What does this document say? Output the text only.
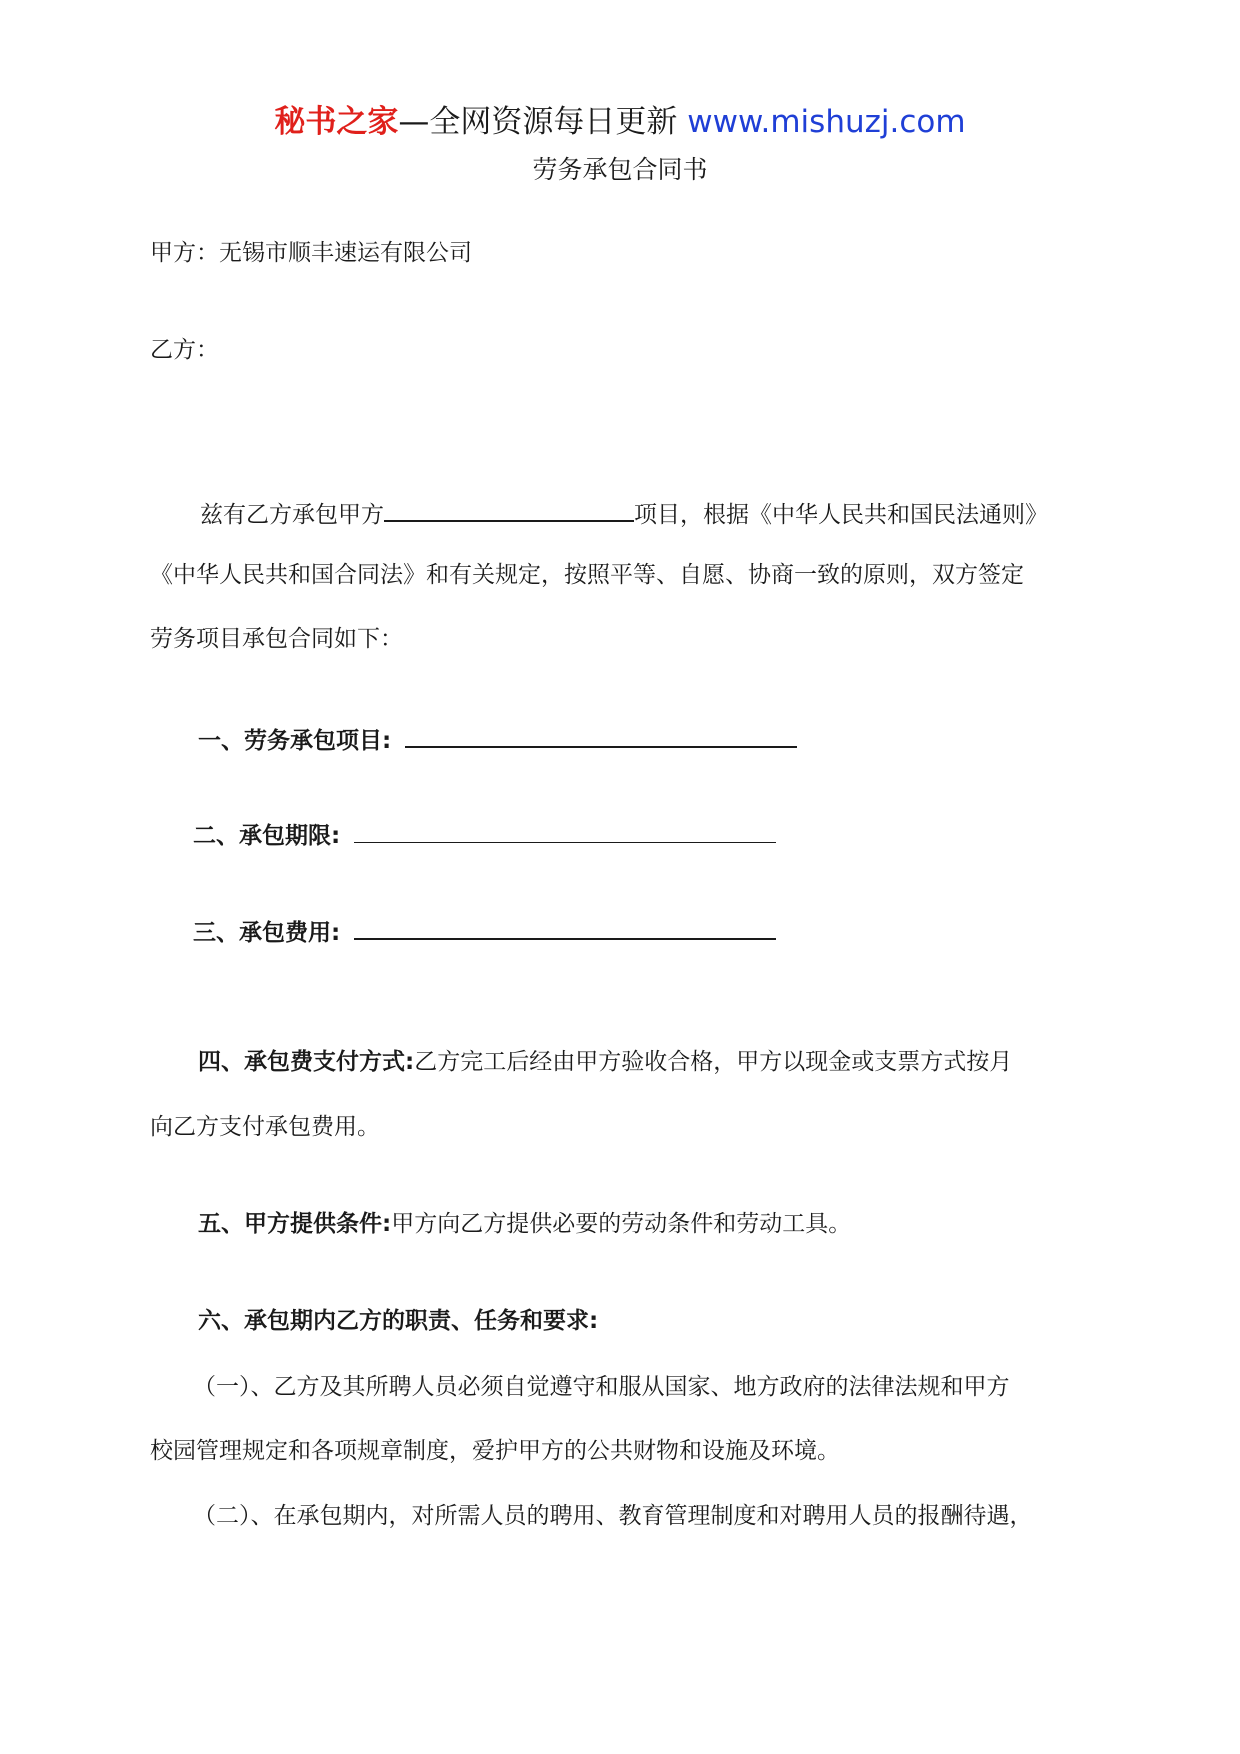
秘书之家—全网资源每日更新 www.mishuzj.com
劳务承包合同书
甲方：无锡市顺丰速运有限公司
乙方：
兹有乙方承包甲方	项目，根据《中华人民共和国民法通则》
《中华人民共和国合同法》和有关规定，按照平等、自愿、协商一致的原则，双方签定
劳务项目承包合同如下：
一、劳务承包项目:
二、承包期限:
三、承包费用:
四、承包费支付方式:乙方完工后经由甲方验收合格，甲方以现金或支票方式按月
向乙方支付承包费用。
五、甲方提供条件:甲方向乙方提供必要的劳动条件和劳动工具。
六、承包期内乙方的职责、任务和要求:
（一）、乙方及其所聘人员必须自觉遵守和服从国家、地方政府的法律法规和甲方
校园管理规定和各项规章制度，爱护甲方的公共财物和设施及环境。
（二）、在承包期内，对所需人员的聘用、教育管理制度和对聘用人员的报酬待遇，
